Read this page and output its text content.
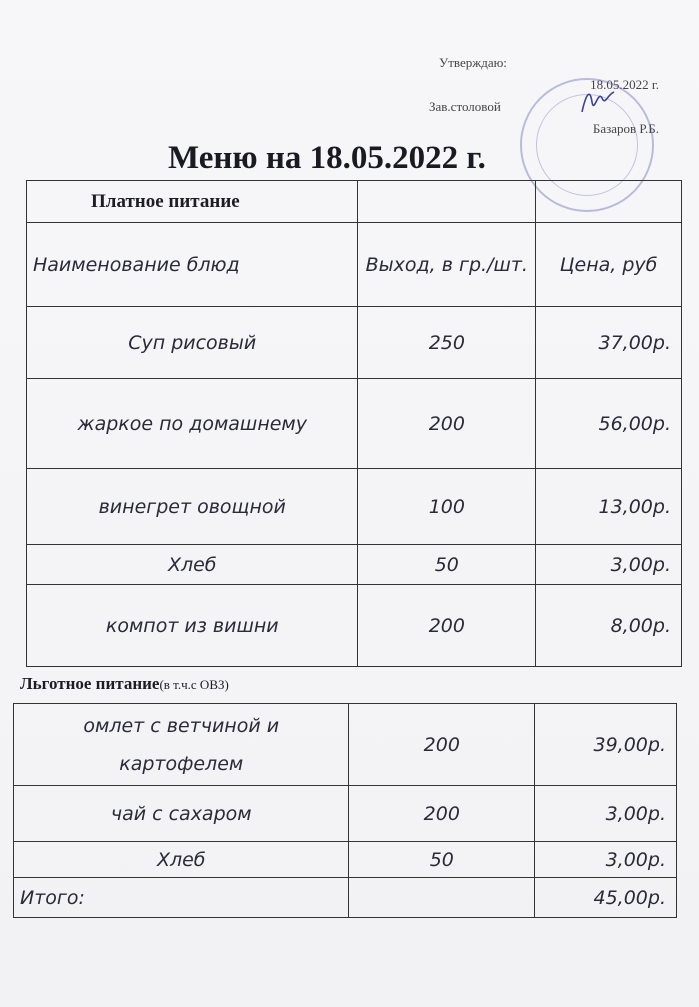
Утверждаю:
18.05.2022 г.
Зав.столовой
Базаров Р.Б.
Меню на 18.05.2022 г.
Платное питание		
Наименование блюд	Выход, в гр./шт.	Цена, руб
Суп рисовый	250	37,00р.
жаркое по домашнему	200	56,00р.
винегрет овощной	100	13,00р.
Хлеб	50	3,00р.
компот из вишни	200	8,00р.
Льготное питание(в т.ч.с ОВЗ)
омлет с ветчиной и картофелем	200	39,00р.
чай с сахаром	200	3,00р.
Хлеб	50	3,00р.
Итого:		45,00р.
